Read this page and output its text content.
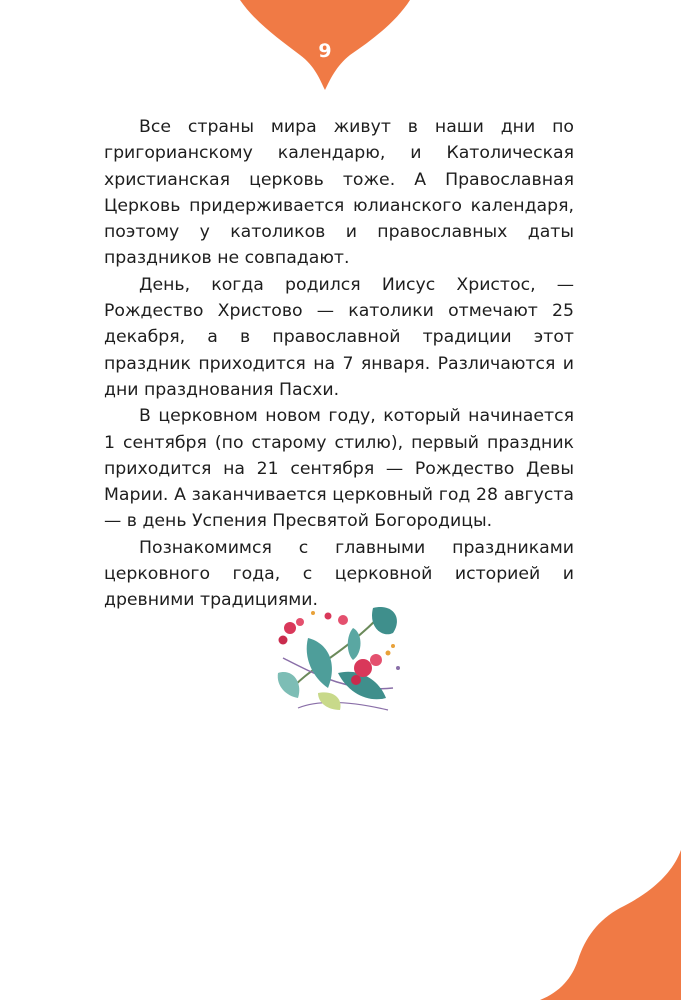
9

Все страны мира живут в наши дни по григорианскому календарю, и Католическая христианская церковь тоже. А Православная Церковь придерживается юлианского календаря, поэтому у католиков и православных даты праздников не совпадают.

День, когда родился Иисус Христос, — Рождество Христово — католики отмечают 25 декабря, а в православной традиции этот праздник приходится на 7 января. Различаются и дни празднования Пасхи.

В церковном новом году, который начинается 1 сентября (по старому стилю), первый праздник приходится на 21 сентября — Рождество Девы Марии. А заканчивается церковный год 28 августа — в день Успения Пресвятой Богородицы.

Познакомимся с главными праздниками церковного года, с церковной историей и древними традициями.
